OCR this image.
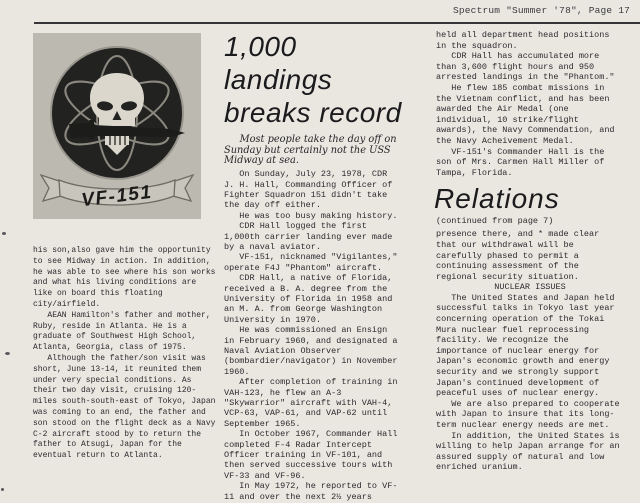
Spectrum "Summer '78", Page 17
VF-151

his son,also gave him the opportunity to see Midway in action. In addition, he was able to see where his son works and what his living conditions are like on board this floating city/airfield.

AEAN Hamilton's father and mother, Ruby, reside in Atlanta. He is a graduate of Southwest High School, Atlanta, Georgia, class of 1975.

Although the father/son visit was short, June 13-14, it reunited them under very special conditions. As their two day visit, cruising 120-miles south-south-east of Tokyo, Japan was coming to an end, the father and son stood on the flight deck as a Navy C-2 aircraft stood by to return the father to Atsugi, Japan for the eventual return to Atlanta.

1,000 landings
breaks record

Most people take the day off on Sunday but certainly not the USS Midway at sea.

On Sunday, July 23, 1978, CDR J. H. Hall, Commanding Officer of Fighter Squadron 151 didn't take the day off either.

He was too busy making history.

CDR Hall logged the first 1,000th carrier landing ever made by a naval aviator.

VF-151, nicknamed "Vigilantes," operate F4J "Phantom" aircraft.

CDR Hall, a native of Florida, received a B. A. degree from the University of Florida in 1958 and an M. A. from George Washington University in 1970.

He was commissioned an Ensign in February 1960, and designated a Naval Aviation Observer (bombardier/navigator) in November 1960.

After completion of training in VAH-123, he flew an A-3 "Skywarrior" aircraft with VAH-4, VCP-63, VAP-61, and VAP-62 until September 1965.

In October 1967, Commander Hall completed F-4 Radar Intercept Officer training in VF-101, and then served successive tours with VF-33 and VF-96.

In May 1972, he reported to VF-11 and over the next 2½ years

held all department head positions in the squadron.

CDR Hall has accumulated more than 3,600 flight hours and 950 arrested landings in the "Phantom."

He flew 185 combat missions in the Vietnam conflict, and has been awarded the Air Medal (one individual, 10 strike/flight awards), the Navy Commendation, and the Navy Acheivement Medal.

VF-151's Commander Hall is the son of Mrs. Carmen Hall Miller of Tampa, Florida.

Relations

(continued from page 7)

presence there, and * made clear that our withdrawal will be carefully phased to permit a continuing assessment of the regional security situation.

NUCLEAR ISSUES

The United States and Japan held successful talks in Tokyo last year concerning operation of the Tokai Mura nuclear fuel reprocessing facility. We recognize the importance of nuclear energy for Japan's economic growth and energy security and we strongly support Japan's continued development of peaceful uses of nuclear energy.

We are also prepared to cooperate with Japan to insure that its long-term nuclear energy needs are met.

In addition, the United States is willing to help Japan arrange for an assured supply of natural and low enriched uranium.
